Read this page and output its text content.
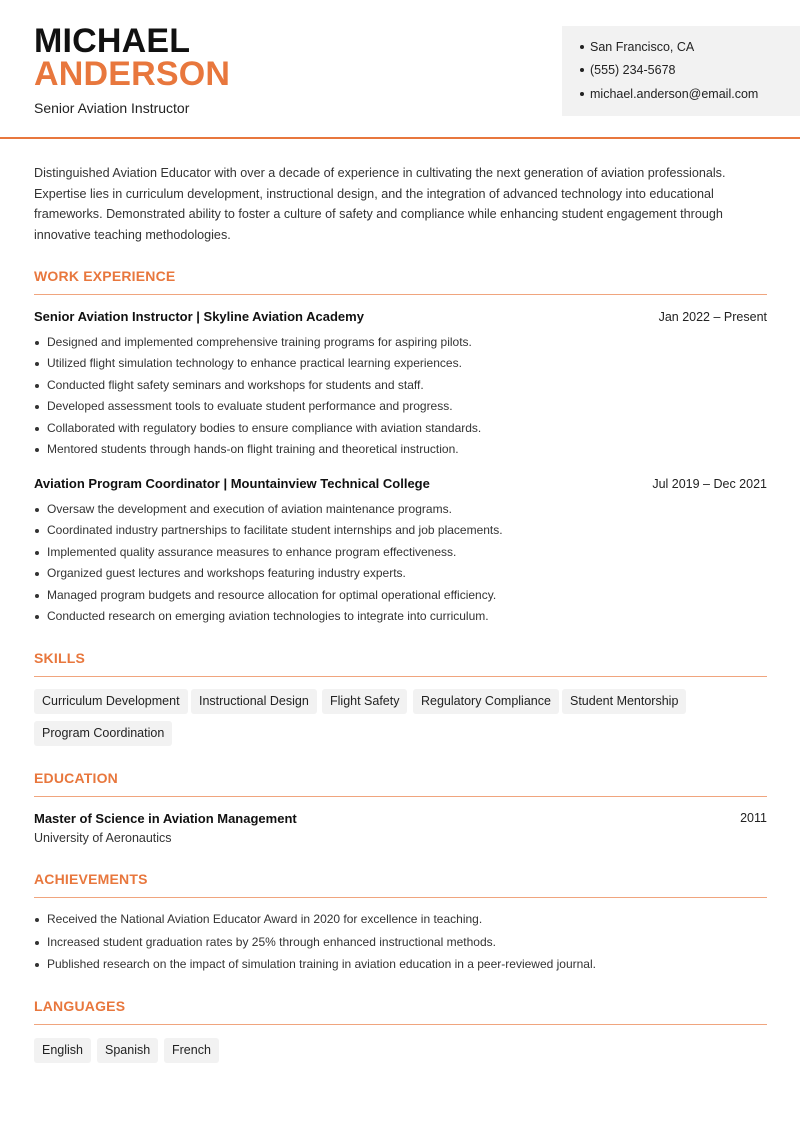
MICHAEL
ANDERSON
Senior Aviation Instructor
San Francisco, CA
(555) 234-5678
michael.anderson@email.com
Distinguished Aviation Educator with over a decade of experience in cultivating the next generation of aviation professionals. Expertise lies in curriculum development, instructional design, and the integration of advanced technology into educational frameworks. Demonstrated ability to foster a culture of safety and compliance while enhancing student engagement through innovative teaching methodologies.
WORK EXPERIENCE
Senior Aviation Instructor | Skyline Aviation Academy	Jan 2022 – Present
Designed and implemented comprehensive training programs for aspiring pilots.
Utilized flight simulation technology to enhance practical learning experiences.
Conducted flight safety seminars and workshops for students and staff.
Developed assessment tools to evaluate student performance and progress.
Collaborated with regulatory bodies to ensure compliance with aviation standards.
Mentored students through hands-on flight training and theoretical instruction.
Aviation Program Coordinator | Mountainview Technical College	Jul 2019 – Dec 2021
Oversaw the development and execution of aviation maintenance programs.
Coordinated industry partnerships to facilitate student internships and job placements.
Implemented quality assurance measures to enhance program effectiveness.
Organized guest lectures and workshops featuring industry experts.
Managed program budgets and resource allocation for optimal operational efficiency.
Conducted research on emerging aviation technologies to integrate into curriculum.
SKILLS
Curriculum Development	Instructional Design	Flight Safety	Regulatory Compliance	Student Mentorship
Program Coordination
EDUCATION
Master of Science in Aviation Management
University of Aeronautics
2011
ACHIEVEMENTS
Received the National Aviation Educator Award in 2020 for excellence in teaching.
Increased student graduation rates by 25% through enhanced instructional methods.
Published research on the impact of simulation training in aviation education in a peer-reviewed journal.
LANGUAGES
English	Spanish	French
